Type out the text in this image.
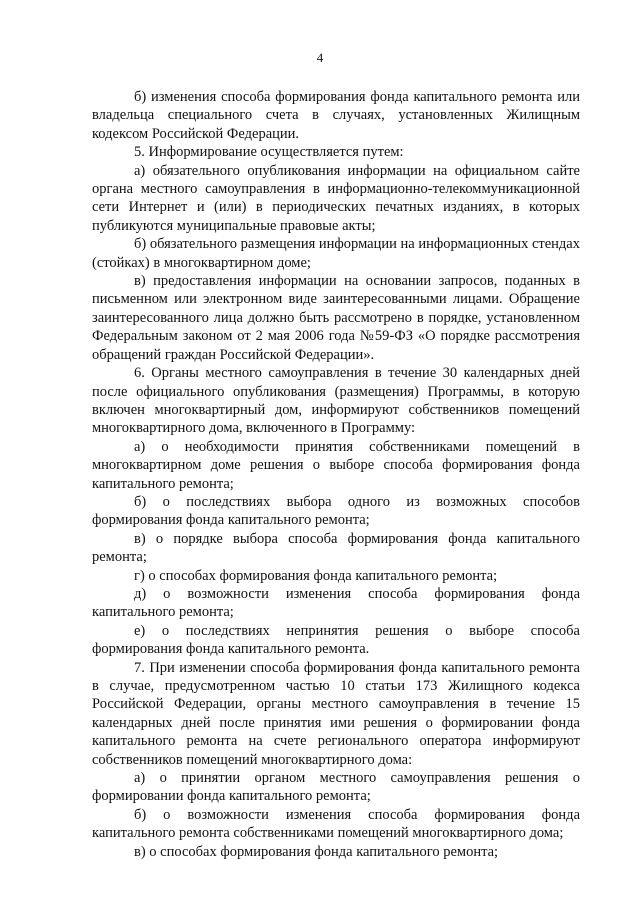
4

б) изменения способа формирования фонда капитального ремонта или владельца специального счета в случаях, установленных Жилищным кодексом Российской Федерации.

5. Информирование осуществляется путем:

а) обязательного опубликования информации на официальном сайте органа местного самоуправления в информационно-телекоммуникационной сети Интернет и (или) в периодических печатных изданиях, в которых публикуются муниципальные правовые акты;

б) обязательного размещения информации на информационных стендах (стойках) в многоквартирном доме;

в) предоставления информации на основании запросов, поданных в письменном или электронном виде заинтересованными лицами. Обращение заинтересованного лица должно быть рассмотрено в порядке, установленном Федеральным законом от 2 мая 2006 года №59-ФЗ «О порядке рассмотрения обращений граждан Российской Федерации».

6. Органы местного самоуправления в течение 30 календарных дней после официального опубликования (размещения) Программы, в которую включен многоквартирный дом, информируют собственников помещений многоквартирного дома, включенного в Программу:

а) о необходимости принятия собственниками помещений в многоквартирном доме решения о выборе способа формирования фонда капитального ремонта;

б) о последствиях выбора одного из возможных способов формирования фонда капитального ремонта;

в) о порядке выбора способа формирования фонда капитального ремонта;

г) о способах формирования фонда капитального ремонта;

д) о возможности изменения способа формирования фонда капитального ремонта;

е) о последствиях непринятия решения о выборе способа формирования фонда капитального ремонта.

7. При изменении способа формирования фонда капитального ремонта в случае, предусмотренном частью 10 статьи 173 Жилищного кодекса Российской Федерации, органы местного самоуправления в течение 15 календарных дней после принятия ими решения о формировании фонда капитального ремонта на счете регионального оператора информируют собственников помещений многоквартирного дома:

а) о принятии органом местного самоуправления решения о формировании фонда капитального ремонта;

б) о возможности изменения способа формирования фонда капитального ремонта собственниками помещений многоквартирного дома;

в) о способах формирования фонда капитального ремонта;
